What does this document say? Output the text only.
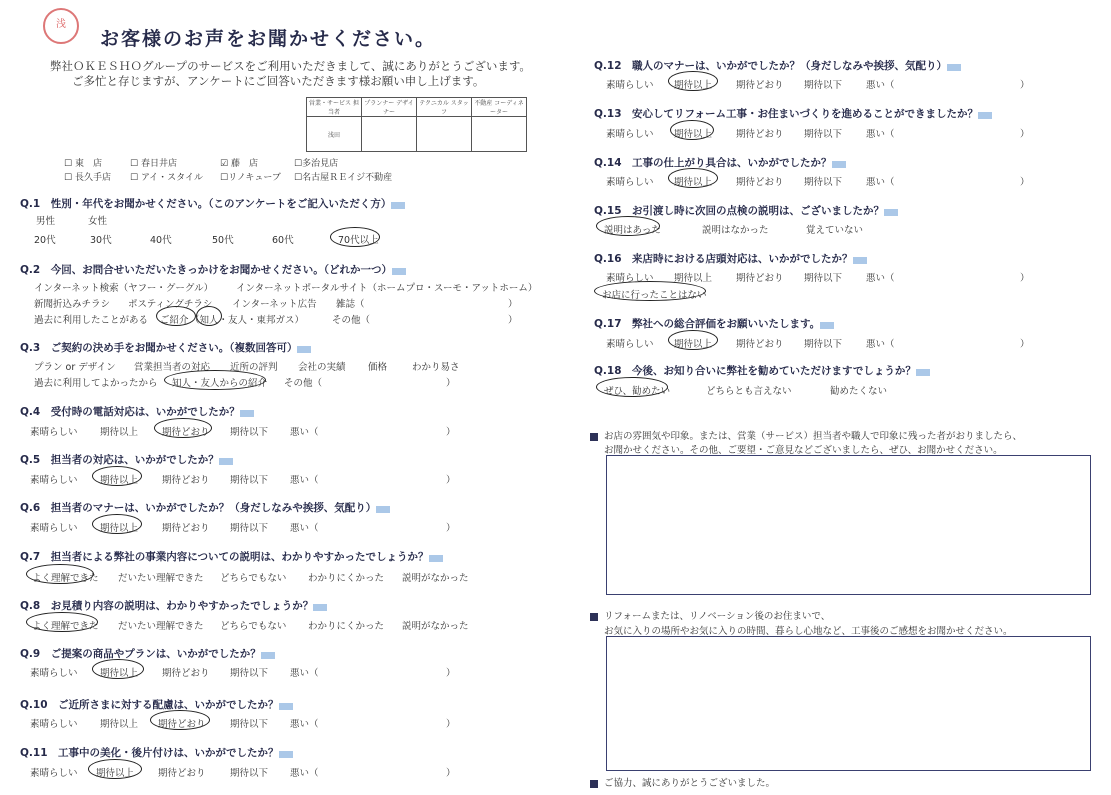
浅
お客様のお声をお聞かせください。
弊社ＯＫＥＳＨＯグループのサービスをご利用いただきまして、誠にありがとうございます。
ご多忙と存じますが、アンケートにご回答いただきます様お願い申し上げます。
営業・サービス 担当者	プランナー デザイナー	テクニカル スタッフ	不動産 コーディネーター
浅田			
☐ 東　店	☐ 春日井店	☑ 藤　店	☐多治見店
☐ 長久手店 ☐ アイ・スタイル ☐リノキューブ ☐名古屋ＲＥイジ不動産
Q.1　性別・年代をお聞かせください。（このアンケートをご記入いただく方）
男性	女性
20代	30代	40代	50代	60代	70代以上
Q.2　今回、お問合せいただいたきっかけをお聞かせください。（どれか一つ）
インターネット検索（ヤフー・グーグル） インターネットポータルサイト（ホームプロ・スーモ・アットホーム）
新聞折込みチラシ ポスティングチラシ インターネット広告 雑誌（	）
過去に利用したことがある ご紹介 （知人・友人・東邦ガス）	その他（	）
Q.3　ご契約の決め手をお聞かせください。（複数回答可）
プラン or デザイン 営業担当者の対応 近所の評判 会社の実績 価格	わかり易さ
過去に利用してよかったから 知人・友人からの紹介 その他（	）
Q.4　受付時の電話対応は、いかがでしたか？
素晴らしい 期待以上	期待どおり 期待以下 悪い（	）
Q.5　担当者の対応は、いかがでしたか？
素晴らしい 期待以上	期待どおり 期待以下 悪い（	）
Q.6　担当者のマナーは、いかがでしたか？（身だしなみや挨拶、気配り）
素晴らしい 期待以上	期待どおり 期待以下 悪い（	）
Q.7　担当者による弊社の事業内容についての説明は、わかりやすかったでしょうか？
よく理解できた だいたい理解できた どちらでもない わかりにくかった 説明がなかった
Q.8　お見積り内容の説明は、わかりやすかったでしょうか？
よく理解できた だいたい理解できた どちらでもない わかりにくかった 説明がなかった
Q.9　ご提案の商品やプランは、いかがでしたか？
素晴らしい 期待以上	期待どおり 期待以下 悪い（	）
Q.10　ご近所さまに対する配慮は、いかがでしたか？
素晴らしい 期待以上 期待どおり	期待以下 悪い（	）
Q.11　工事中の美化・後片付けは、いかがでしたか？
素晴らしい 期待以上	期待どおり	期待以下 悪い（	）
Q.12　職人のマナーは、いかがでしたか？（身だしなみや挨拶、気配り）
素晴らしい 期待以上	期待どおり 期待以下	悪い（	）
Q.13　安心してリフォーム工事・お住まいづくりを進めることができましたか？
素晴らしい 期待以上	期待どおり 期待以下	悪い（	）
Q.14　工事の仕上がり具合は、いかがでしたか？
素晴らしい 期待以上	期待どおり 期待以下	悪い（	）
Q.15　お引渡し時に次回の点検の説明は、ございましたか？
説明はあった	説明はなかった	覚えていない
Q.16　来店時における店頭対応は、いかがでしたか？
素晴らしい 期待以上	期待どおり 期待以下	悪い（	）
お店に行ったことはない
Q.17　弊社への総合評価をお願いいたします。
素晴らしい 期待以上	期待どおり 期待以下	悪い（	）
Q.18　今後、お知り合いに弊社を勧めていただけますでしょうか？
ぜひ、勧めたい	どちらとも言えない	勧めたくない
お店の雰囲気や印象。または、営業（サービス）担当者や職人で印象に残った者がおりましたら、
お聞かせください。その他、ご要望・ご意見などございましたら、ぜひ、お聞かせください。
リフォームまたは、リノベーション後のお住まいで、
お気に入りの場所やお気に入りの時間、暮らし心地など、工事後のご感想をお聞かせください。
ご協力、誠にありがとうございました。
